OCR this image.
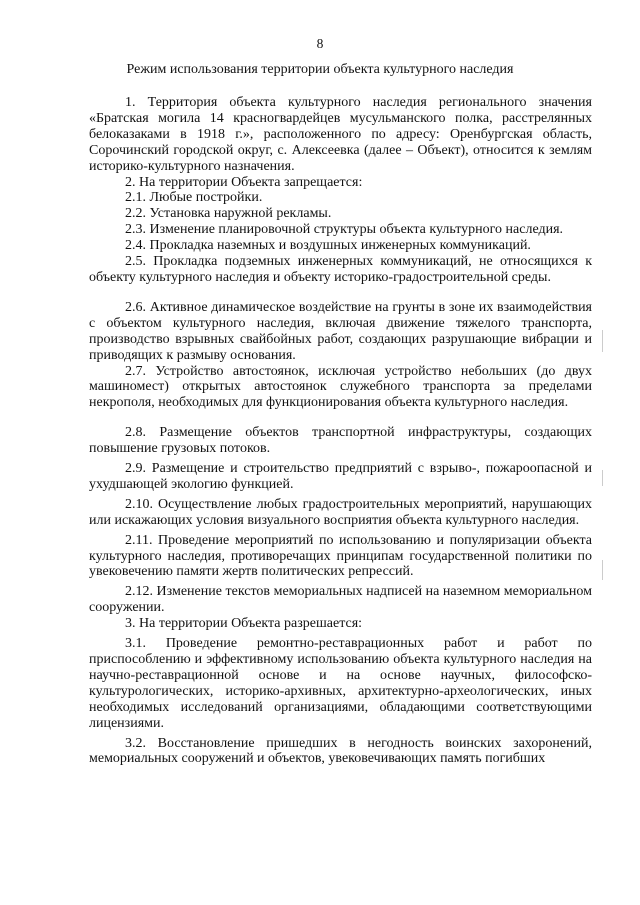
8
Режим использования территории объекта культурного наследия

1. Территория объекта культурного наследия регионального значения «Братская могила 14 красногвардейцев мусульманского полка, расстрелянных белоказаками в 1918 г.», расположенного по адресу: Оренбургская область, Сорочинский городской округ, с. Алексеевка (далее – Объект), относится к землям историко-культурного назначения.

2. На территории Объекта запрещается:

2.1. Любые постройки.

2.2. Установка наружной рекламы.

2.3. Изменение планировочной структуры объекта культурного наследия.

2.4. Прокладка наземных и воздушных инженерных коммуникаций.

2.5. Прокладка подземных инженерных коммуникаций, не относящихся к объекту культурного наследия и объекту историко-градостроительной среды.

2.6. Активное динамическое воздействие на грунты в зоне их взаимодействия с объектом культурного наследия, включая движение тяжелого транспорта, производство взрывных свайбойных работ, создающих разрушающие вибрации и приводящих к размыву основания.

2.7. Устройство автостоянок, исключая устройство небольших (до двух машиномест) открытых автостоянок служебного транспорта за пределами некрополя, необходимых для функционирования объекта культурного наследия.

2.8. Размещение объектов транспортной инфраструктуры, создающих повышение грузовых потоков.

2.9. Размещение и строительство предприятий с взрыво-, пожароопасной и ухудшающей экологию функцией.

2.10. Осуществление любых градостроительных мероприятий, нарушающих или искажающих условия визуального восприятия объекта культурного наследия.

2.11. Проведение мероприятий по использованию и популяризации объекта культурного наследия, противоречащих принципам государственной политики по увековечению памяти жертв политических репрессий.

2.12. Изменение текстов мемориальных надписей на наземном мемориальном сооружении.

3. На территории Объекта разрешается:

3.1. Проведение ремонтно-реставрационных работ и работ по приспособлению и эффективному использованию объекта культурного наследия на научно-реставрационной основе и на основе научных, философско-культурологических, историко-архивных, архитектурно-археологических, иных необходимых исследований организациями, обладающими соответствующими лицензиями.

3.2. Восстановление пришедших в негодность воинских захоронений, мемориальных сооружений и объектов, увековечивающих память погибших
